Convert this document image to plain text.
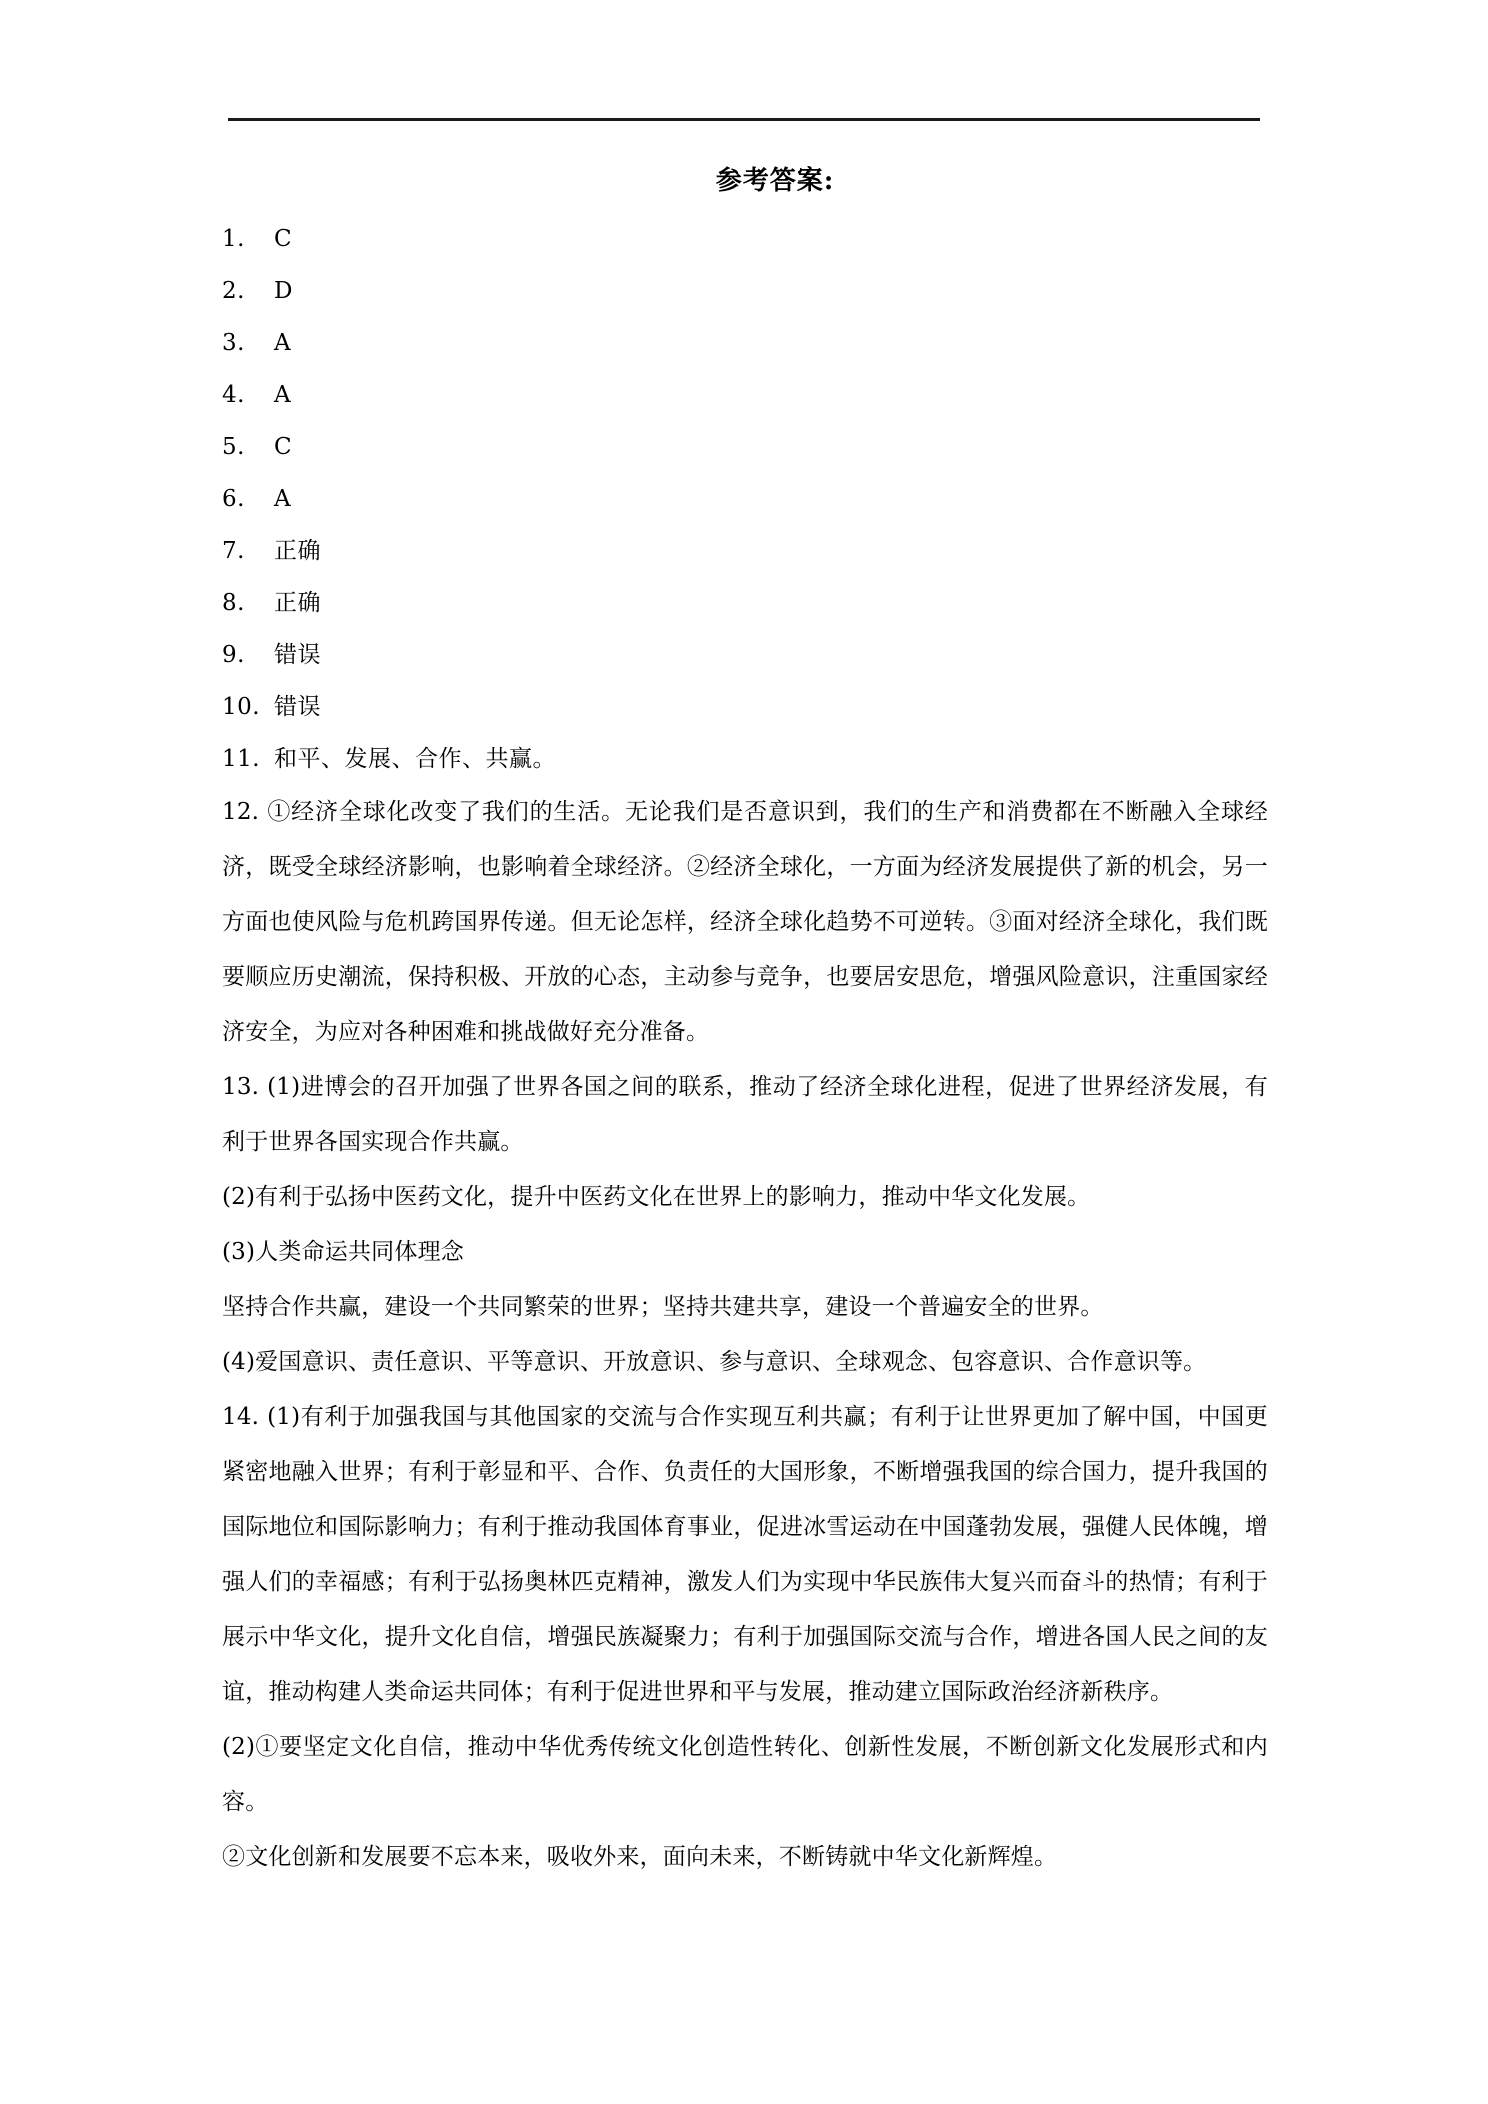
参考答案:
1. C
2. D
3. A
4. A
5. C
6. A
7. 正确
8. 正确
9. 错误
10. 错误
11. 和平、发展、合作、共赢。

12. ①经济全球化改变了我们的生活。无论我们是否意识到，我们的生产和消费都在不断融入全球经济，既受全球经济影响，也影响着全球经济。②经济全球化，一方面为经济发展提供了新的机会，另一方面也使风险与危机跨国界传递。但无论怎样，经济全球化趋势不可逆转。③面对经济全球化，我们既要顺应历史潮流，保持积极、开放的心态，主动参与竞争，也要居安思危，增强风险意识，注重国家经济安全，为应对各种困难和挑战做好充分准备。

13. (1)进博会的召开加强了世界各国之间的联系，推动了经济全球化进程，促进了世界经济发展，有利于世界各国实现合作共赢。

(2)有利于弘扬中医药文化，提升中医药文化在世界上的影响力，推动中华文化发展。

(3)人类命运共同体理念

坚持合作共赢，建设一个共同繁荣的世界；坚持共建共享，建设一个普遍安全的世界。

(4)爱国意识、责任意识、平等意识、开放意识、参与意识、全球观念、包容意识、合作意识等。

14. (1)有利于加强我国与其他国家的交流与合作实现互利共赢；有利于让世界更加了解中国，中国更紧密地融入世界；有利于彰显和平、合作、负责任的大国形象，不断增强我国的综合国力，提升我国的国际地位和国际影响力；有利于推动我国体育事业，促进冰雪运动在中国蓬勃发展，强健人民体魄，增强人们的幸福感；有利于弘扬奥林匹克精神，激发人们为实现中华民族伟大复兴而奋斗的热情；有利于展示中华文化，提升文化自信，增强民族凝聚力；有利于加强国际交流与合作，增进各国人民之间的友谊，推动构建人类命运共同体；有利于促进世界和平与发展，推动建立国际政治经济新秩序。

(2)①要坚定文化自信，推动中华优秀传统文化创造性转化、创新性发展，不断创新文化发展形式和内容。

②文化创新和发展要不忘本来，吸收外来，面向未来，不断铸就中华文化新辉煌。
